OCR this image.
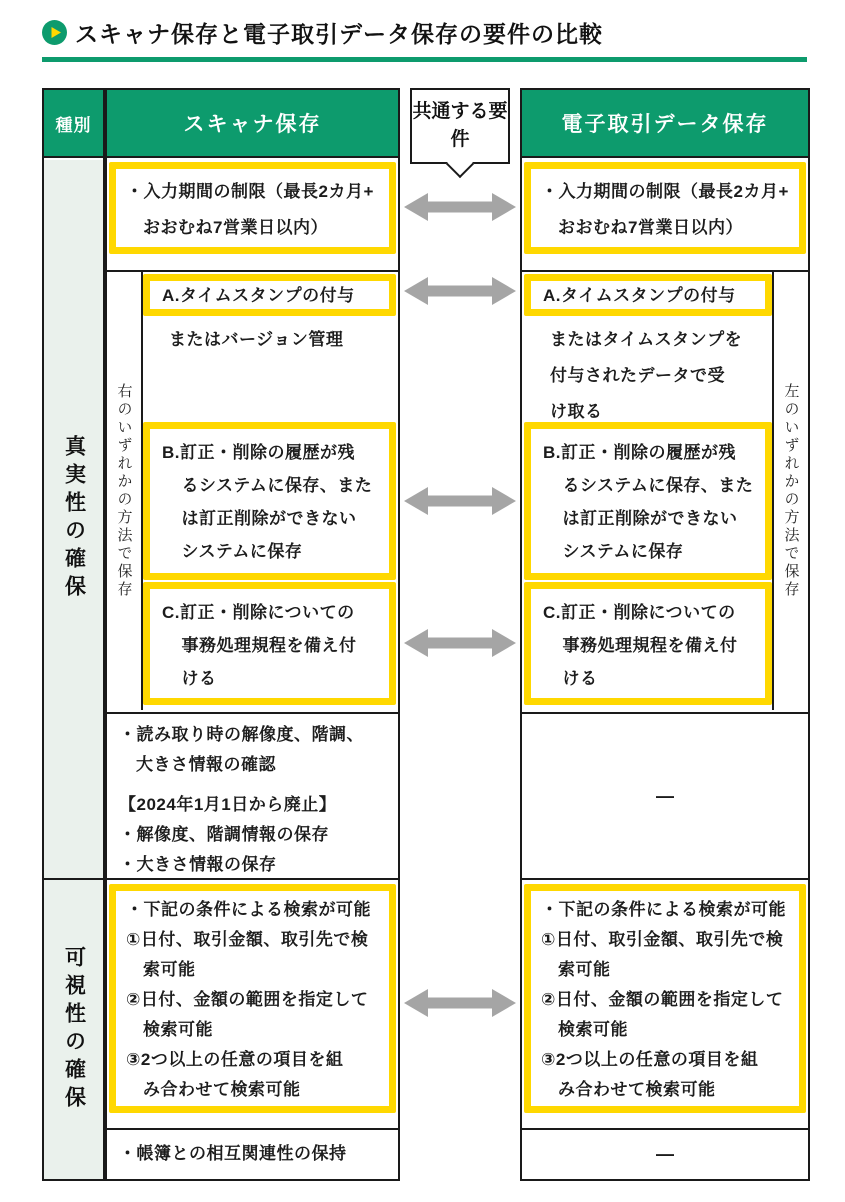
スキャナ保存と電子取引データ保存の要件の比較
種別
真実性の確保
可視性の確保
スキャナ保存
・入力期間の制限（最長2カ月+
おおむね7営業日以内）
右のいずれかの方法で保存
A.タイムスタンプの付与
またはバージョン管理
B.訂正・削除の履歴が残
るシステムに保存、また
は訂正削除ができない
システムに保存
C.訂正・削除についての
事務処理規程を備え付
ける
・読み取り時の解像度、階調、
大きさ情報の確認
【2024年1月1日から廃止】
・解像度、階調情報の保存
・大きさ情報の保存
・下記の条件による検索が可能
①日付、取引金額、取引先で検
索可能
②日付、金額の範囲を指定して
検索可能
③2つ以上の任意の項目を組
み合わせて検索可能
・帳簿との相互関連性の保持
共通する要件
電子取引データ保存
・入力期間の制限（最長2カ月+
おおむね7営業日以内）
左のいずれかの方法で保存
A.タイムスタンプの付与
またはタイムスタンプを
付与されたデータで受
け取る
B.訂正・削除の履歴が残
るシステムに保存、また
は訂正削除ができない
システムに保存
C.訂正・削除についての
事務処理規程を備え付
ける
—
・下記の条件による検索が可能
①日付、取引金額、取引先で検
索可能
②日付、金額の範囲を指定して
検索可能
③2つ以上の任意の項目を組
み合わせて検索可能
—
